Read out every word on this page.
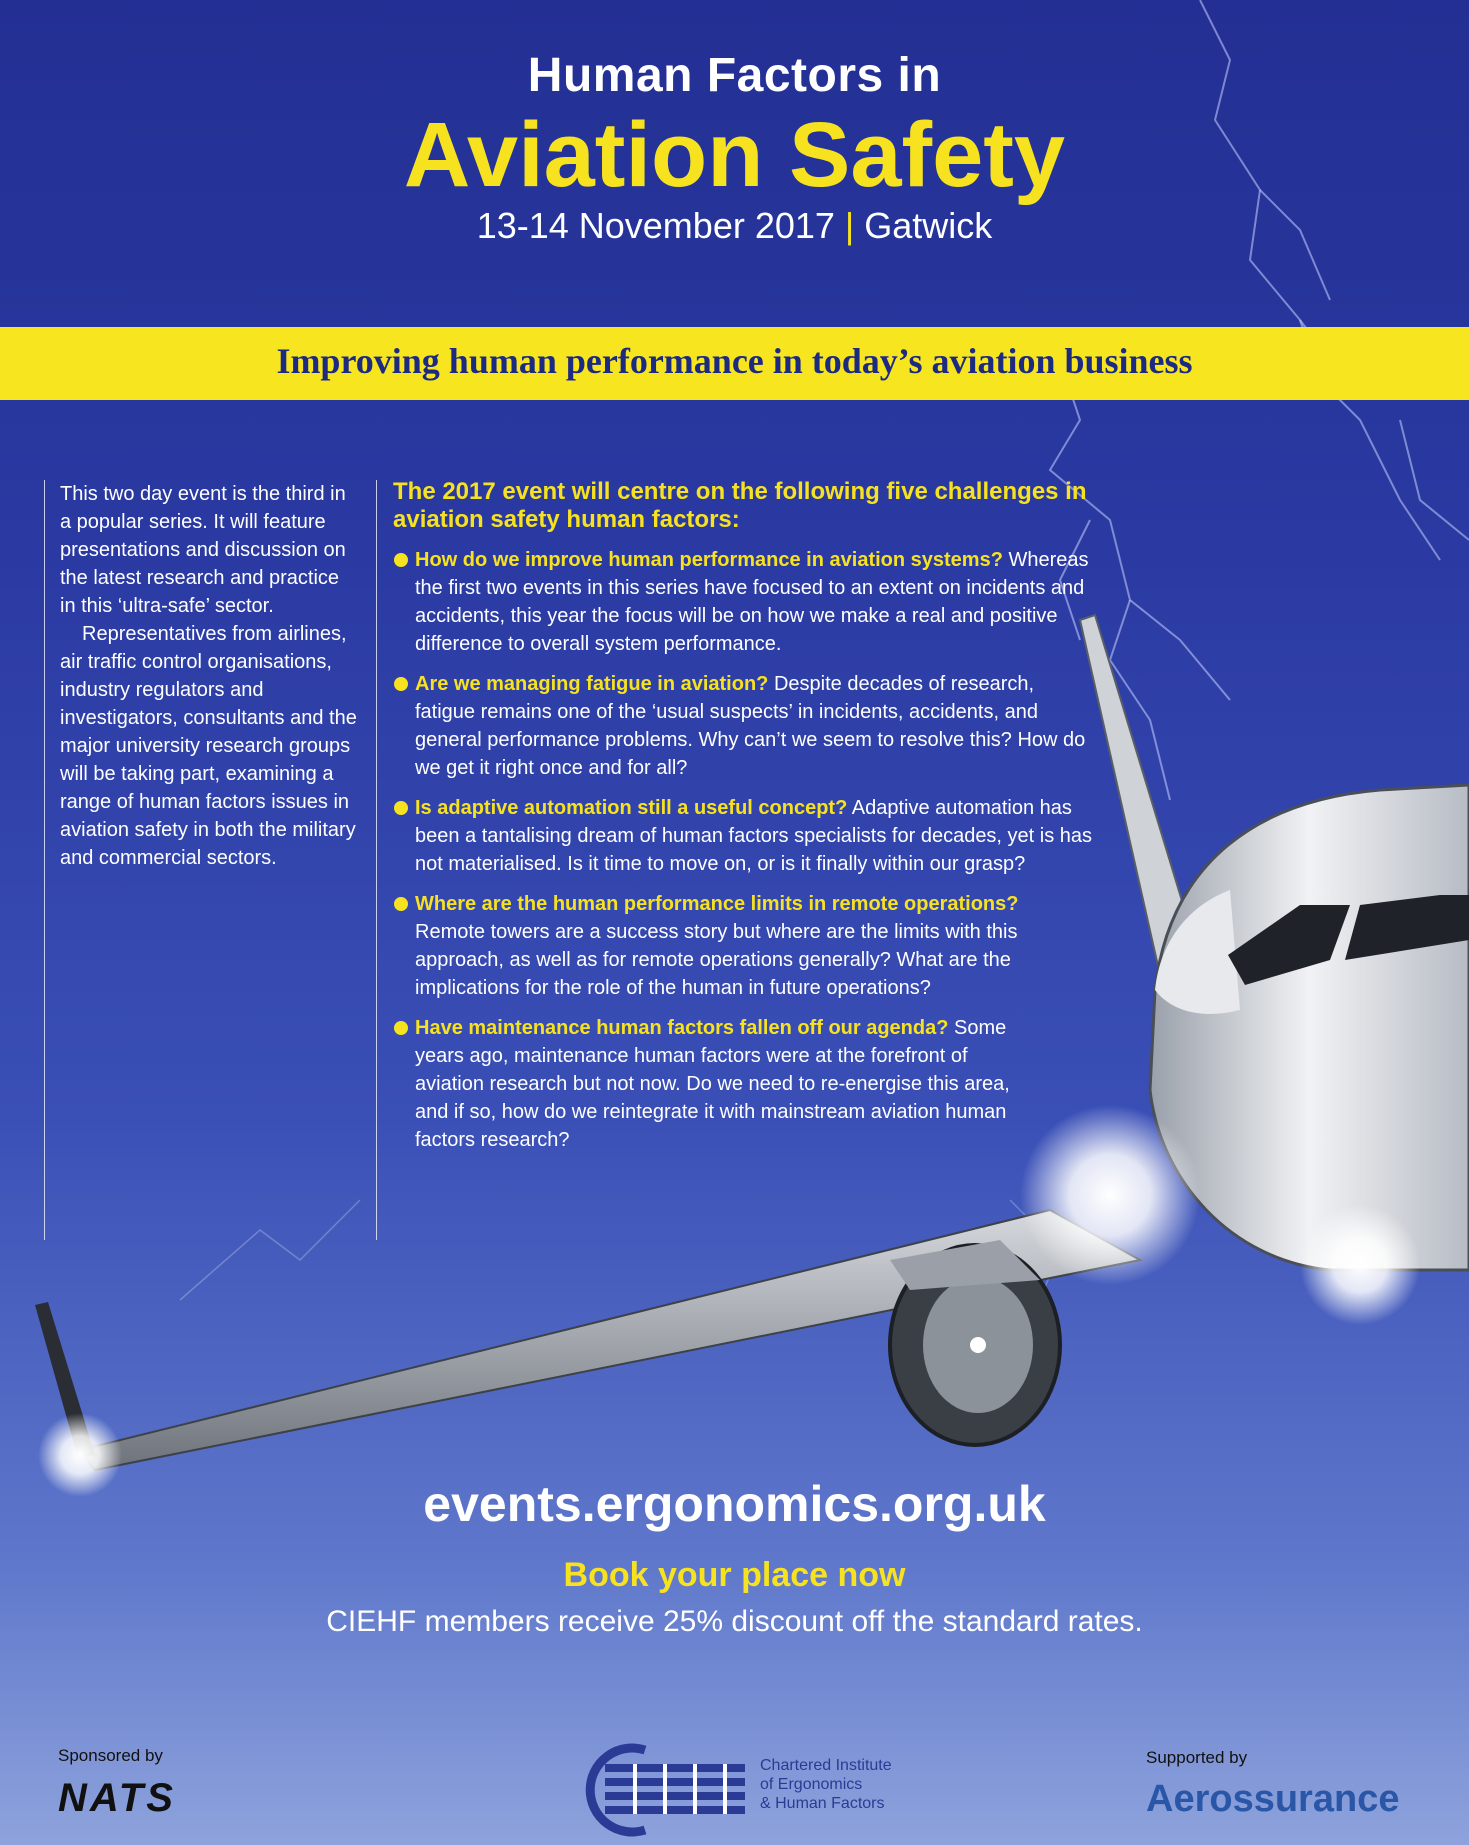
Human Factors in
Aviation Safety
13-14 November 2017 | Gatwick
Improving human performance in today’s aviation business

This two day event is the third in a popular series. It will feature presentations and discussion on the latest research and practice in this ‘ultra-safe’ sector.

Representatives from airlines, air traffic control organisations, industry regulators and investigators, consultants and the major university research groups will be taking part, examining a range of human factors issues in aviation safety in both the military and commercial sectors.

The 2017 event will centre on the following five challenges in aviation safety human factors:
How do we improve human performance in aviation systems? Whereas the first two events in this series have focused to an extent on incidents and accidents, this year the focus will be on how we make a real and positive difference to overall system performance.
Are we managing fatigue in aviation? Despite decades of research, fatigue remains one of the ‘usual suspects’ in incidents, accidents, and general performance problems. Why can’t we seem to resolve this? How do we get it right once and for all?
Is adaptive automation still a useful concept? Adaptive automation has been a tantalising dream of human factors specialists for decades, yet is has not materialised. Is it time to move on, or is it finally within our grasp?
Where are the human performance limits in remote operations? Remote towers are a success story but where are the limits with this approach, as well as for remote operations generally? What are the implications for the role of the human in future operations?
Have maintenance human factors fallen off our agenda? Some years ago, maintenance human factors were at the forefront of aviation research but not now. Do we need to re-energise this area, and if so, how do we reintegrate it with mainstream aviation human factors research?
events.ergonomics.org.uk
Book your place now
CIEHF members receive 25% discount off the standard rates.
Sponsored by
NATS
Chartered Institute
of Ergonomics
& Human Factors
Supported by
Aerossurance
